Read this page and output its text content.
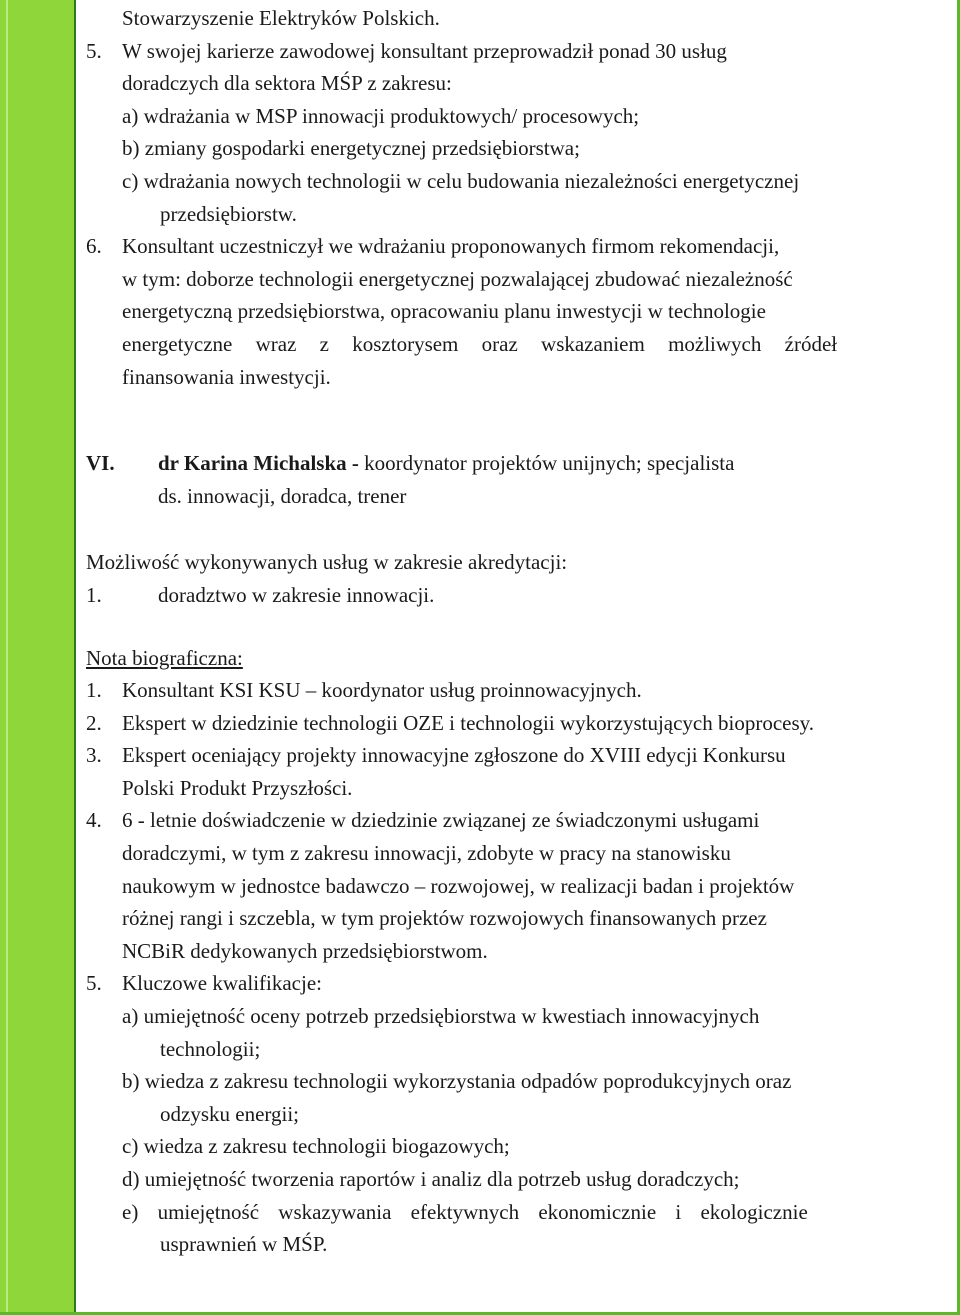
Stowarzyszenie Elektryków Polskich.
5. W swojej karierze zawodowej konsultant przeprowadził ponad 30 usług
doradczych dla sektora MŚP z zakresu:
a) wdrażania w MSP innowacji produktowych/ procesowych;
b) zmiany gospodarki energetycznej przedsiębiorstwa;
c) wdrażania nowych technologii w celu budowania niezależności energetycznej
przedsiębiorstw.
6. Konsultant uczestniczył we wdrażaniu proponowanych firmom rekomendacji,
w tym: doborze technologii energetycznej pozwalającej zbudować niezależność
energetyczną przedsiębiorstwa, opracowaniu planu inwestycji w technologie
energetyczne wraz z kosztorysem oraz wskazaniem możliwych źródeł
finansowania inwestycji.
VI.	dr Karina Michalska - koordynator projektów unijnych; specjalista
ds. innowacji, doradca, trener
Możliwość wykonywanych usług w zakresie akredytacji:
1.	doradztwo w zakresie innowacji.
Nota biograficzna:
1. Konsultant KSI KSU – koordynator usług proinnowacyjnych.
2. Ekspert w dziedzinie technologii OZE i technologii wykorzystujących bioprocesy.
3. Ekspert oceniający projekty innowacyjne zgłoszone do XVIII edycji Konkursu
Polski Produkt Przyszłości.
4. 6 - letnie doświadczenie w dziedzinie związanej ze świadczonymi usługami
doradczymi, w tym z zakresu innowacji, zdobyte w pracy na stanowisku
naukowym w jednostce badawczo – rozwojowej, w realizacji badan i projektów
różnej rangi i szczebla, w tym projektów rozwojowych finansowanych przez
NCBiR dedykowanych przedsiębiorstwom.
5. Kluczowe kwalifikacje:
a) umiejętność oceny potrzeb przedsiębiorstwa w kwestiach innowacyjnych
technologii;
b) wiedza z zakresu technologii wykorzystania odpadów poprodukcyjnych oraz
odzysku energii;
c) wiedza z zakresu technologii biogazowych;
d) umiejętność tworzenia raportów i analiz dla potrzeb usług doradczych;
e) umiejętność wskazywania efektywnych ekonomicznie i ekologicznie
usprawnień w MŚP.
